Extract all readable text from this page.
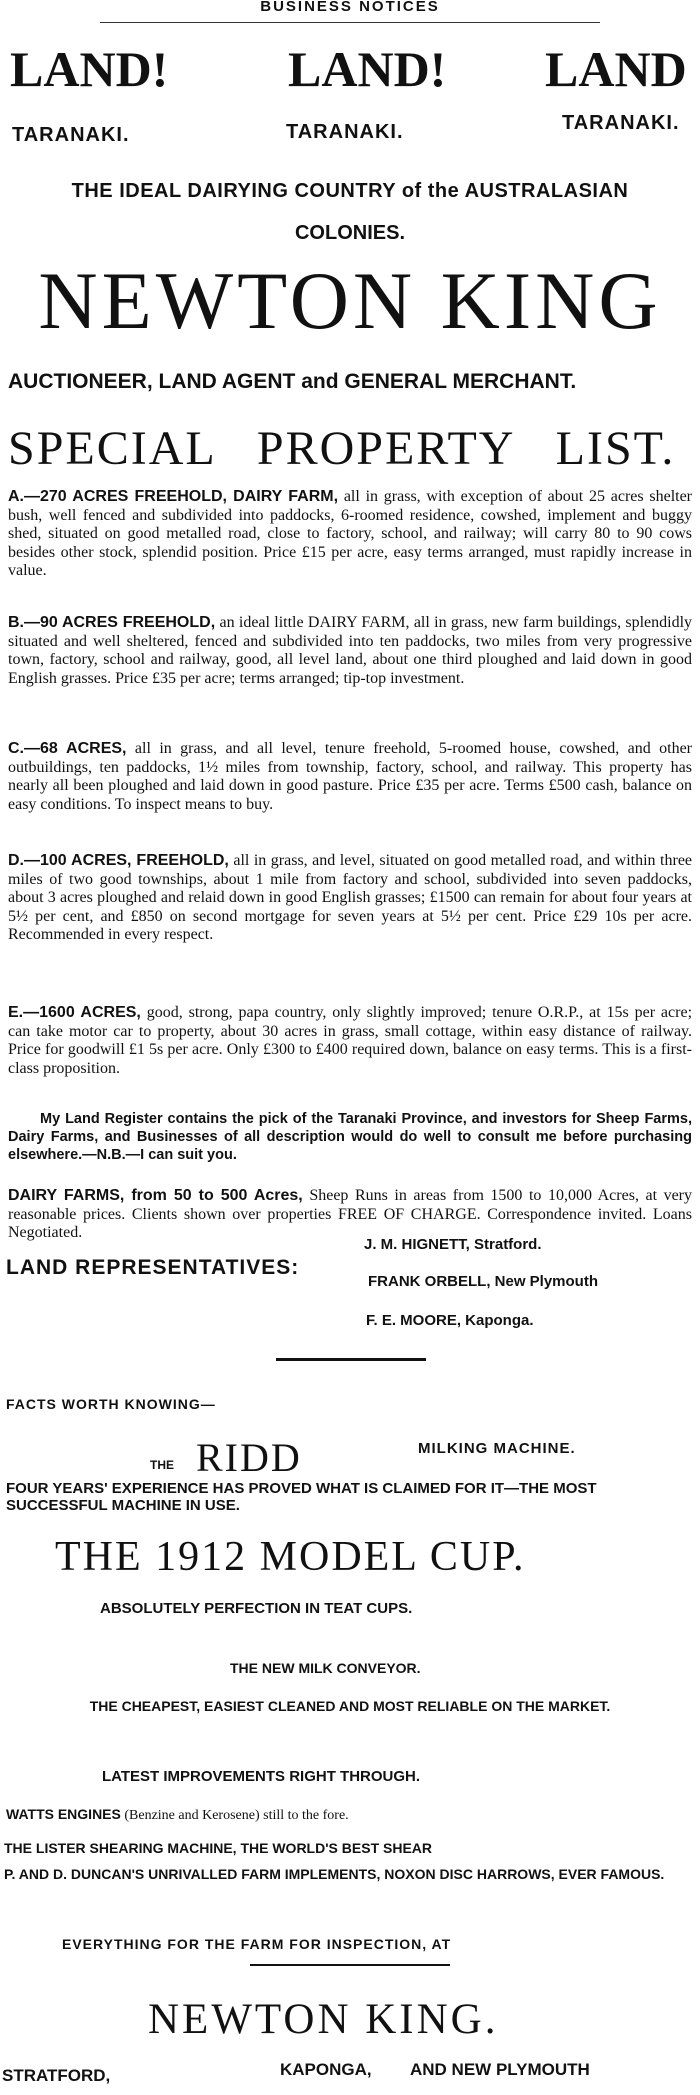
BUSINESS NOTICES
LAND! LAND! LAND
TARANAKI.	TARANAKI.	TARANAKI.
THE IDEAL DAIRYING COUNTRY of the AUSTRALASIAN
COLONIES.
NEWTON KING
AUCTIONEER, LAND AGENT and GENERAL MERCHANT.
SPECIAL PROPERTY LIST.
A.—270 ACRES FREEHOLD, DAIRY FARM, all in grass, with exception of about 25 acres shelter bush, well fenced and subdivided into paddocks, 6-roomed residence, cowshed, implement and buggy shed, situated on good metalled road, close to factory, school, and railway; will carry 80 to 90 cows besides other stock, splendid position. Price £15 per acre, easy terms arranged, must rapidly increase in value.
B.—90 ACRES FREEHOLD, an ideal little DAIRY FARM, all in grass, new farm buildings, splendidly situated and well sheltered, fenced and subdivided into ten paddocks, two miles from very progressive town, factory, school and railway, good, all level land, about one third ploughed and laid down in good English grasses. Price £35 per acre; terms arranged; tip-top investment.
C.—68 ACRES, all in grass, and all level, tenure freehold, 5-roomed house, cowshed, and other outbuildings, ten paddocks, 1½ miles from township, factory, school, and railway. This property has nearly all been ploughed and laid down in good pasture. Price £35 per acre. Terms £500 cash, balance on easy conditions. To inspect means to buy.
D.—100 ACRES, FREEHOLD, all in grass, and level, situated on good metalled road, and within three miles of two good townships, about 1 mile from factory and school, subdivided into seven paddocks, about 3 acres ploughed and relaid down in good English grasses; £1500 can remain for about four years at 5½ per cent, and £850 on second mortgage for seven years at 5½ per cent. Price £29 10s per acre. Recommended in every respect.
E.—1600 ACRES, good, strong, papa country, only slightly improved; tenure O.R.P., at 15s per acre; can take motor car to property, about 30 acres in grass, small cottage, within easy distance of railway. Price for goodwill £1 5s per acre. Only £300 to £400 required down, balance on easy terms. This is a first-class proposition.
My Land Register contains the pick of the Taranaki Province, and investors for Sheep Farms, Dairy Farms, and Businesses of all description would do well to consult me before purchasing elsewhere.—N.B.—I can suit you.
DAIRY FARMS, from 50 to 500 Acres, Sheep Runs in areas from 1500 to 10,000 Acres, at very reasonable prices. Clients shown over properties FREE OF CHARGE. Correspondence invited. Loans Negotiated.
LAND REPRESENTATIVES:
J. M. HIGNETT, Stratford.
FRANK ORBELL, New Plymouth
F. E. MOORE, Kaponga.
FACTS WORTH KNOWING—
THE RIDD	MILKING MACHINE.
FOUR YEARS' EXPERIENCE HAS PROVED WHAT IS CLAIMED FOR IT—THE MOST SUCCESSFUL MACHINE IN USE.
THE 1912 MODEL CUP.
ABSOLUTELY PERFECTION IN TEAT CUPS.
THE NEW MILK CONVEYOR.
THE CHEAPEST, EASIEST CLEANED AND MOST RELIABLE ON THE MARKET.
LATEST IMPROVEMENTS RIGHT THROUGH.
WATTS ENGINES (Benzine and Kerosene) still to the fore.
THE LISTER SHEARING MACHINE, THE WORLD'S BEST SHEAR
P. AND D. DUNCAN'S UNRIVALLED FARM IMPLEMENTS, NOXON DISC HARROWS, EVER FAMOUS.
EVERYTHING FOR THE FARM FOR INSPECTION, AT
NEWTON KING.
STRATFORD,	KAPONGA, AND NEW PLYMOUTH
